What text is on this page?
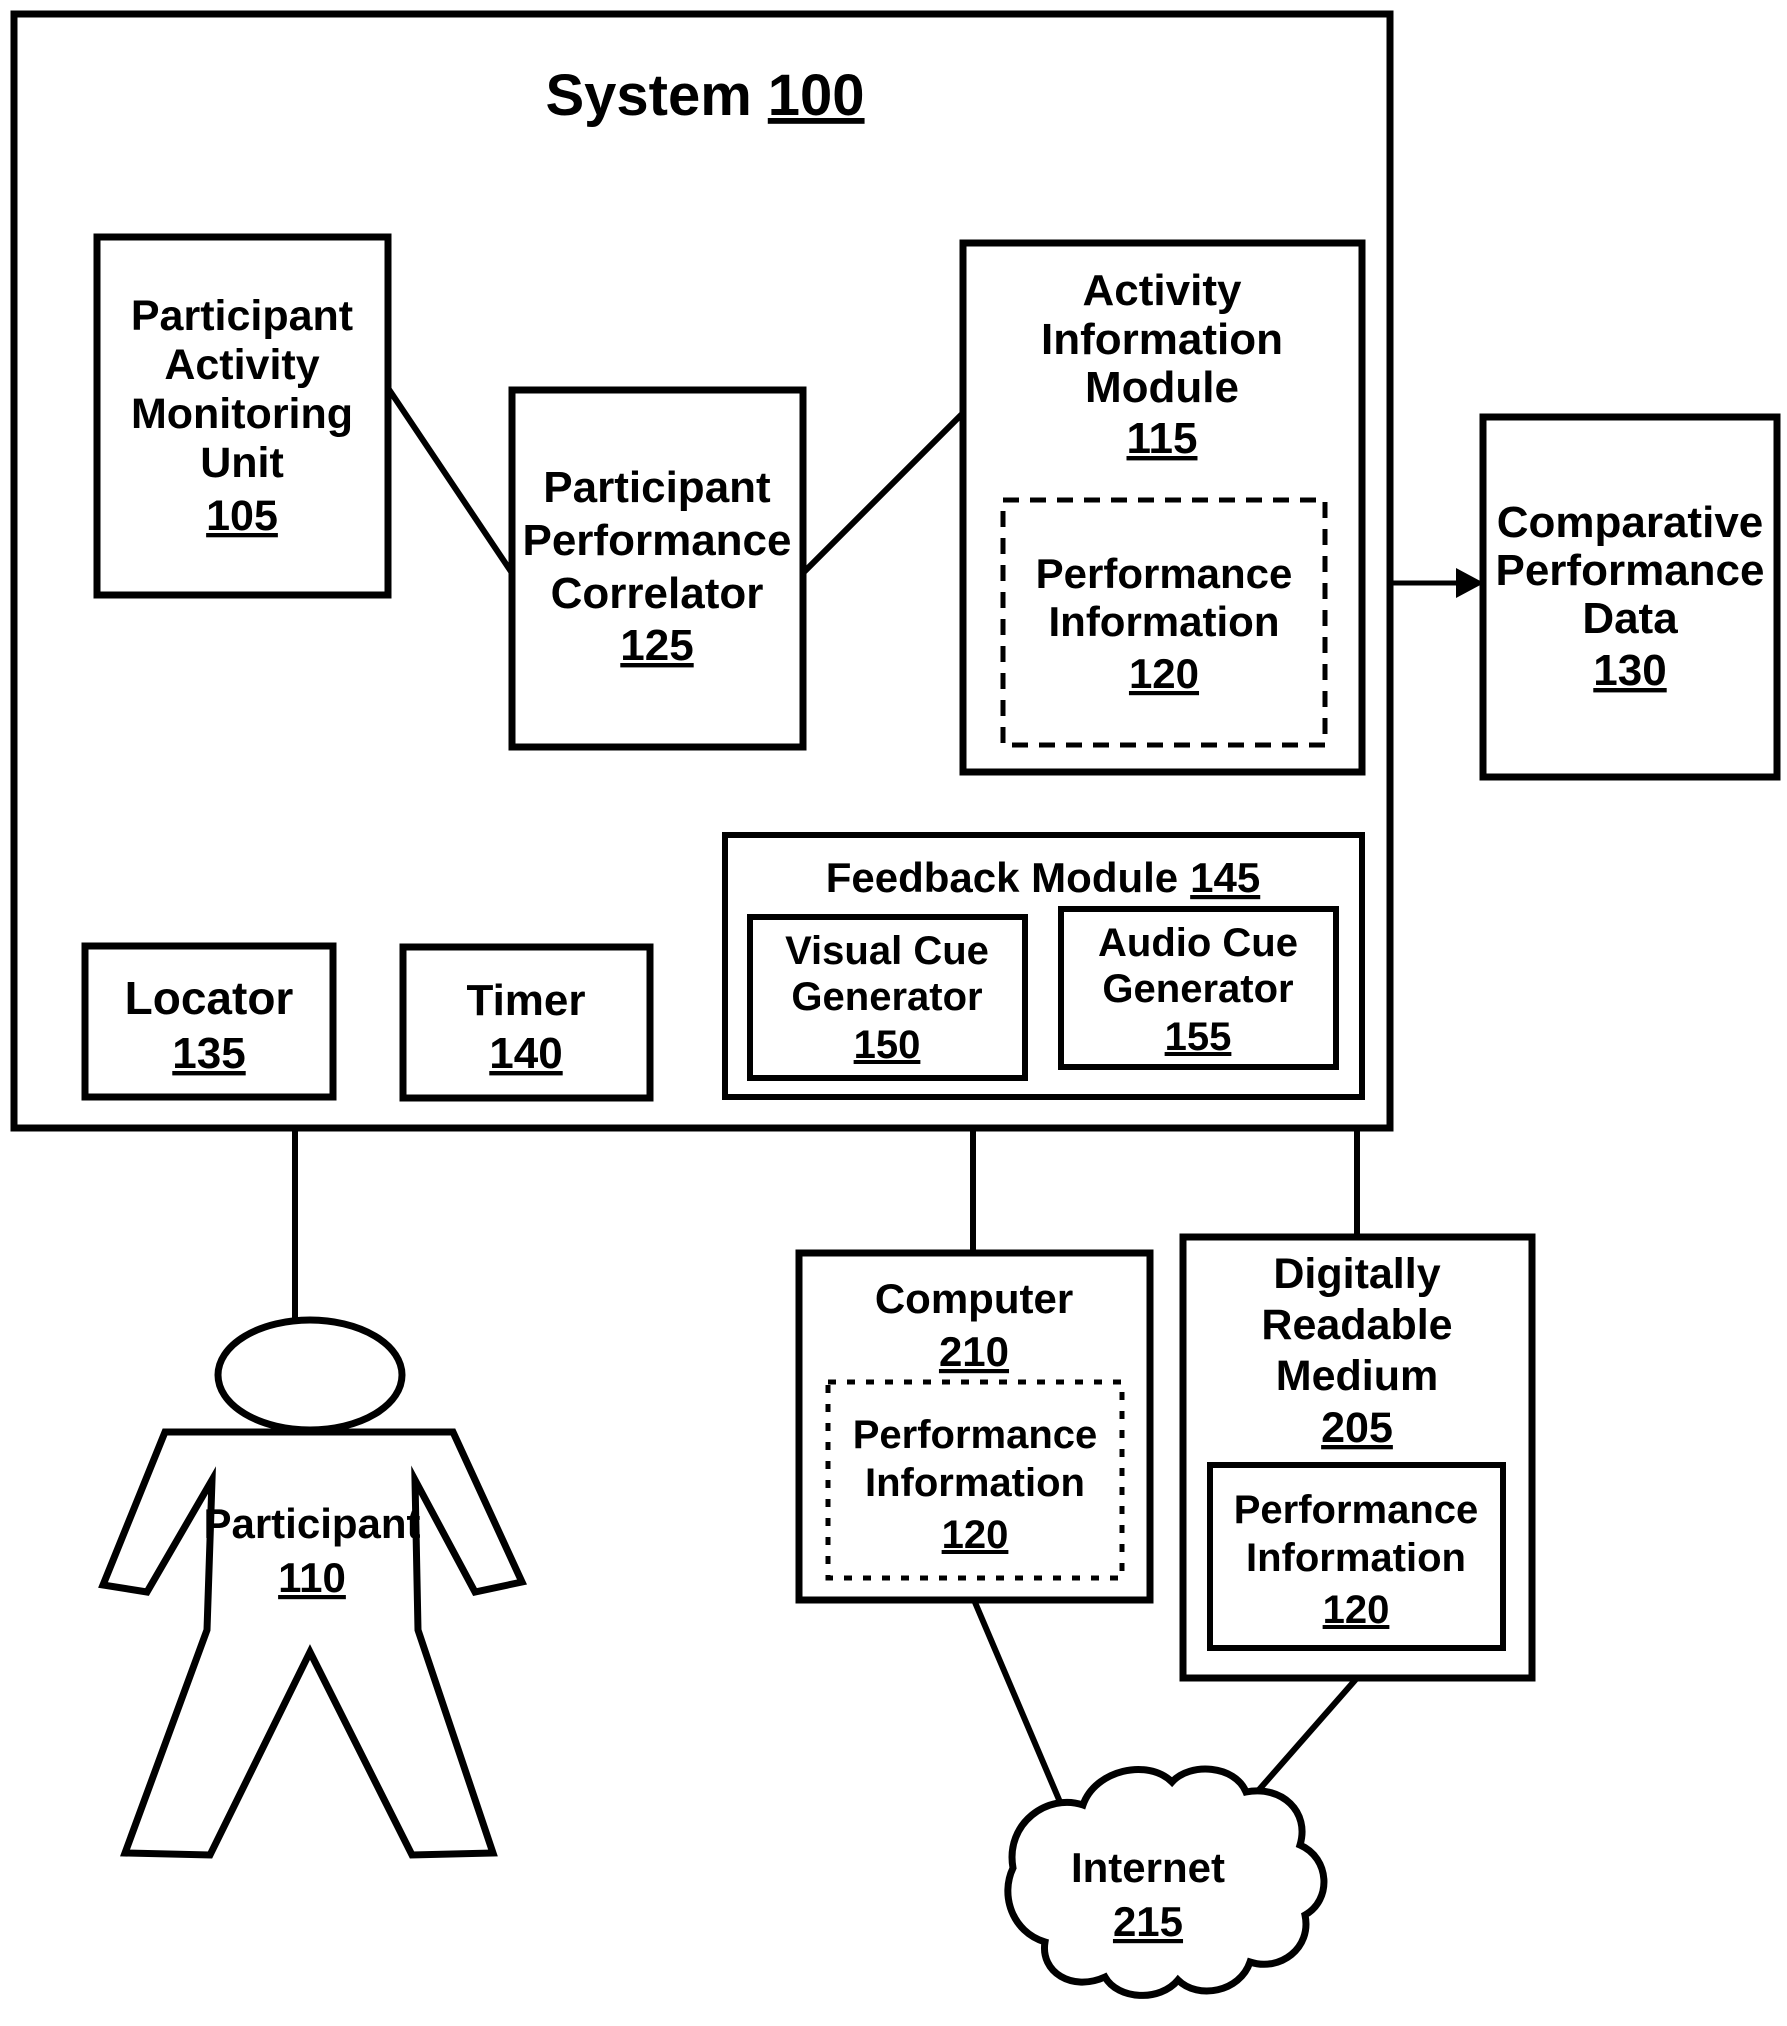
System 100
Participant
Activity
Monitoring
Unit
105
Participant
Performance
Correlator
125
Activity
Information
Module
115
Performance
Information
120
Comparative
Performance
Data
130
Locator
135
Timer
140
Feedback Module 145
Visual Cue
Generator
150
Audio Cue
Generator
155
Computer
210
Performance
Information
120
Digitally
Readable
Medium
205
Performance
Information
120
Internet
215
Participant
110
